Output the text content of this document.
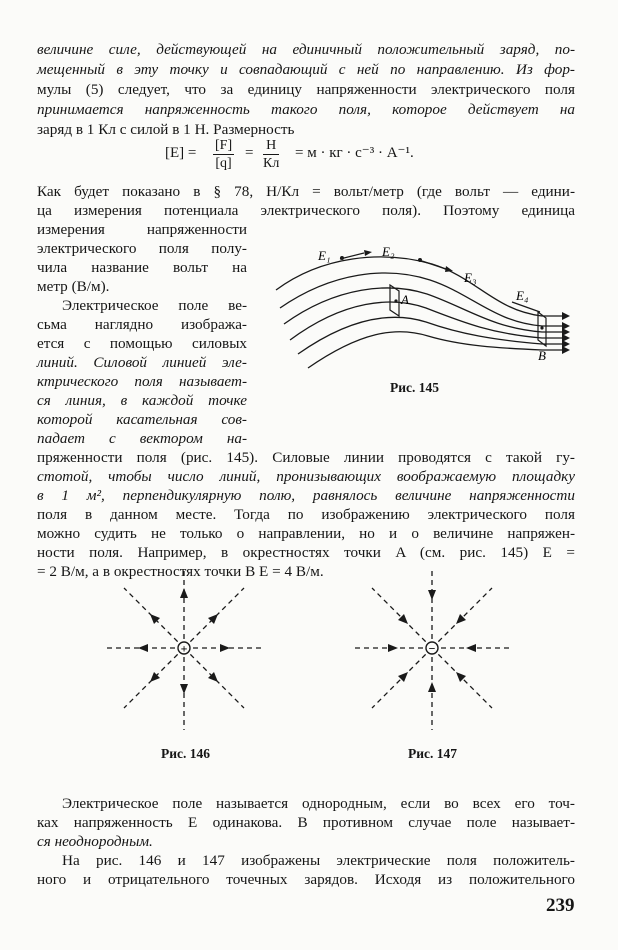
величине силе, действующей на единичный положительный заряд, по-
мещенный в эту точку и совпадающий с ней по направлению. Из фор-
мулы (5) следует, что за единицу напряженности электрического поля
принимается напряженность такого поля, которое действует на
заряд в 1 Кл с силой в 1 Н. Размерность
$[E] = \frac{[F]}{[q]} = Н$
Кл
= м · кг · с⁻³ · А⁻¹.
Как будет показано в § 78, Н/Кл = вольт/метр (где вольт — едини-
ца измерения потенциала электрического поля). Поэтому единица
измерения напряженности
электрического поля полу-
чила название вольт на
метр (В/м).
Электрическое поле ве-
сьма наглядно изобража-
ется с помощью силовых
линий. Силовой линией эле-
ктрического поля называет-
ся линия, в каждой точке
которой касательная сов-
падает с вектором на-
пряженности поля (рис. 145). Силовые линии проводятся с такой гу-
стотой, чтобы число линий, пронизывающих воображаемую площадку
в 1 м², перпендикулярную полю, равнялось величине напряженности
поля в данном месте. Тогда по изображению электрического поля
можно судить не только о направлении, но и о величине напряжен-
ности поля. Например, в окрестностях точки A (см. рис. 145) E =
= 2 В/м, а в окрестностях точки B E = 4 В/м.
E₁	E₂
E₃
E₄
A
B
Рис. 145
+
Рис. 146
−
Рис. 147
Электрическое поле называется однородным, если во всех его точ-
ках напряженность E одинакова. В противном случае поле называет-
ся неоднородным.
На рис. 146 и 147 изображены электрические поля положитель-
ного и отрицательного точечных зарядов. Исходя из положительного
239
